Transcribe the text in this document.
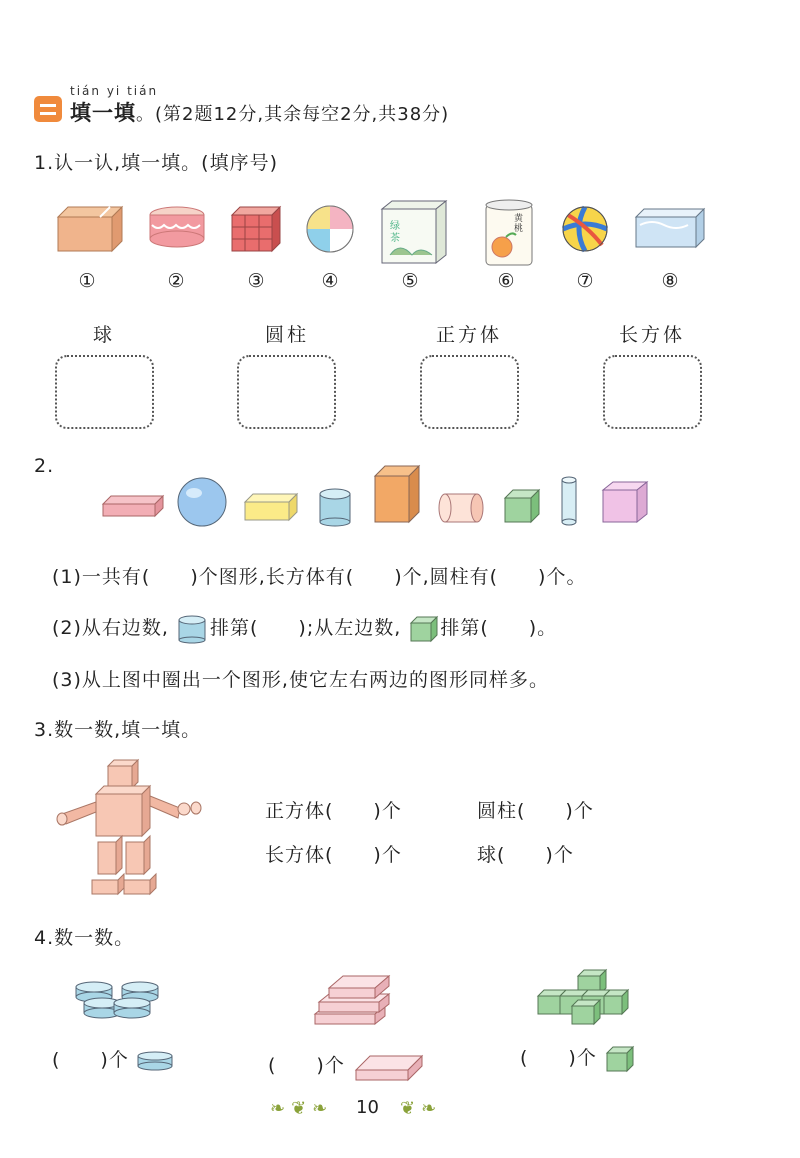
tián yi tián
填一填。(第2题12分,其余每空2分,共38分)
1.认一认,填一填。(填序号)
绿
茶
黄
桃
①	②	③	④	⑤	⑥	⑦	⑧
球	圆柱	正方体	长方体
2.
(1)一共有(　　)个图形,长方体有(　　)个,圆柱有(　　)个。
(2)从右边数, 排第(　　);从左边数, 排第(　　)。
(3)从上图中圈出一个图形,使它左右两边的图形同样多。
3.数一数,填一填。
正方体(　　)个	圆柱(　　)个
长方体(　　)个	球(　　)个
4.数一数。
(　　)个	(　　)个	(　　)个
❧❦❧ 10 ❦❧
